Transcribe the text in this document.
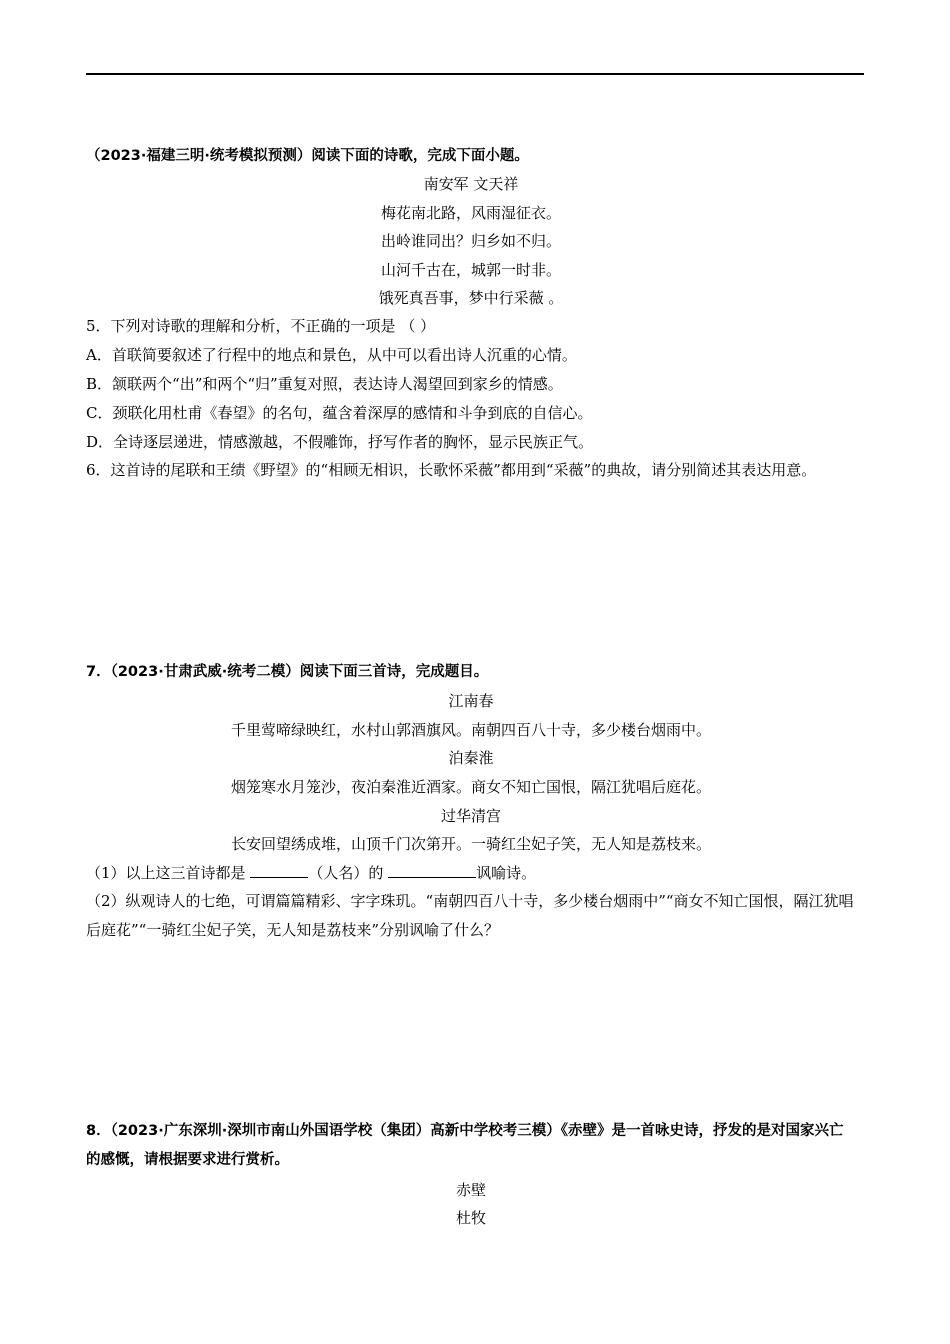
（2023·福建三明·统考模拟预测）阅读下面的诗歌，完成下面小题。
南安军 文天祥
梅花南北路，风雨湿征衣。
出岭谁同出？归乡如不归。
山河千古在，城郭一时非。
饿死真吾事，梦中行采薇 。
5．下列对诗歌的理解和分析，不正确的一项是 （ ）
A．首联简要叙述了行程中的地点和景色，从中可以看出诗人沉重的心情。
B．颔联两个“出”和两个“归”重复对照，表达诗人渴望回到家乡的情感。
C．颈联化用杜甫《春望》的名句，蕴含着深厚的感情和斗争到底的自信心。
D．全诗逐层递进，情感激越，不假雕饰，抒写作者的胸怀，显示民族正气。
6．这首诗的尾联和王绩《野望》的“相顾无相识，长歌怀采薇”都用到“采薇”的典故，请分别简述其表达用意。
7．（2023·甘肃武威·统考二模）阅读下面三首诗，完成题目。
江南春
千里莺啼绿映红，水村山郭酒旗风。南朝四百八十寺，多少楼台烟雨中。
泊秦淮
烟笼寒水月笼沙，夜泊秦淮近酒家。商女不知亡国恨，隔江犹唱后庭花。
过华清宫
长安回望绣成堆，山顶千门次第开。一骑红尘妃子笑，无人知是荔枝来。
（1）以上这三首诗都是	（人名）的	讽喻诗。
（2）纵观诗人的七绝，可谓篇篇精彩、字字珠玑。“南朝四百八十寺，多少楼台烟雨中”“商女不知亡国恨，隔江犹唱后庭花”“一骑红尘妃子笑，无人知是荔枝来”分别讽喻了什么？
8．（2023·广东深圳·深圳市南山外国语学校（集团）高新中学校考三模）《赤壁》是一首咏史诗，抒发的是对国家兴亡的感慨，请根据要求进行赏析。
赤壁
杜牧
